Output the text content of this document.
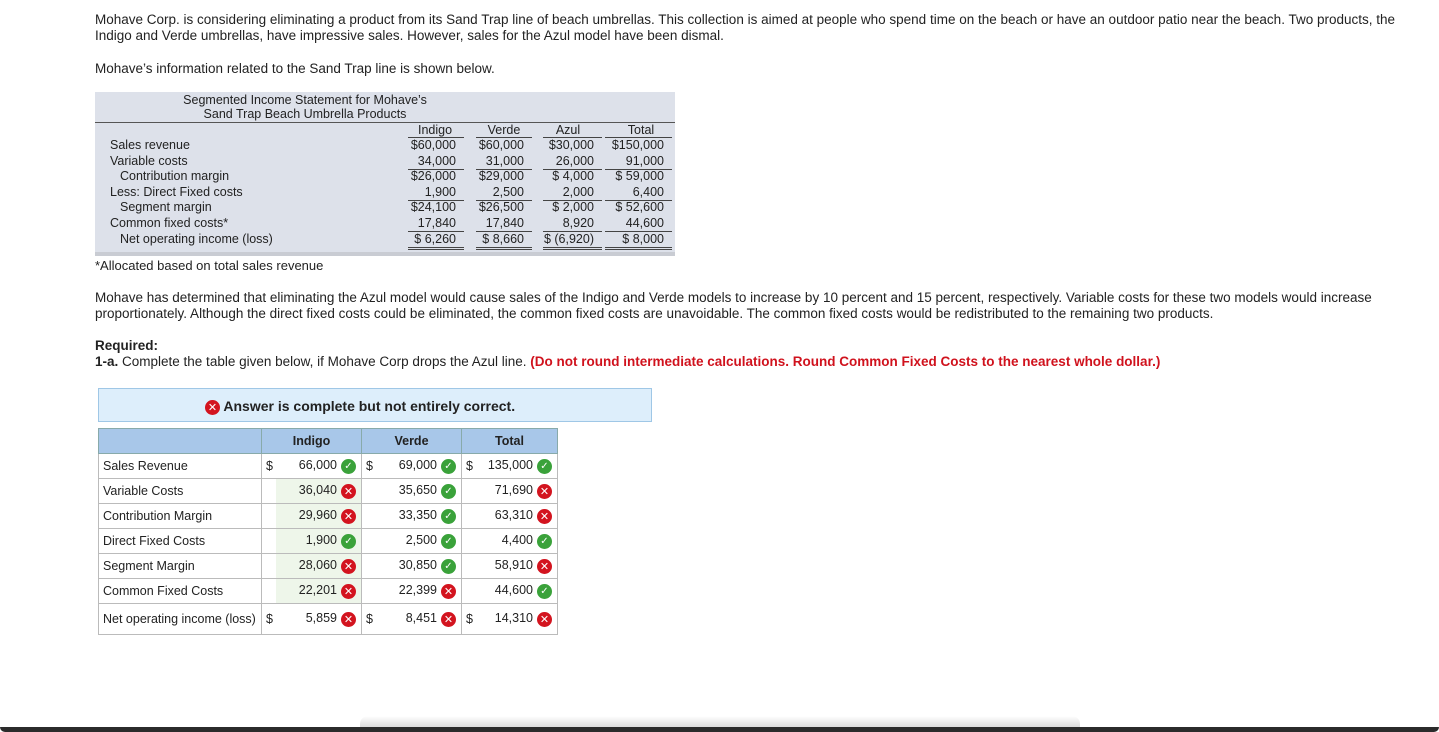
Mohave Corp. is considering eliminating a product from its Sand Trap line of beach umbrellas. This collection is aimed at people who spend time on the beach or have an outdoor patio near the beach. Two products, the Indigo and Verde umbrellas, have impressive sales. However, sales for the Azul model have been dismal.
Mohave’s information related to the Sand Trap line is shown below.
Segmented Income Statement for Mohave’s
Sand Trap Beach Umbrella Products
Indigo	Verde	Azul	Total
Sales revenue	$60,000	$60,000	$30,000	$150,000
Variable costs	34,000	31,000	26,000	91,000
Contribution margin	$26,000	$29,000	$ 4,000	$ 59,000
Less: Direct Fixed costs	1,900	2,500	2,000	6,400
Segment margin	$24,100	$26,500	$ 2,000	$ 52,600
Common fixed costs*	17,840	17,840	8,920	44,600
Net operating income (loss)	$ 6,260	$ 8,660	$ (6,920)	$ 8,000
*Allocated based on total sales revenue
Mohave has determined that eliminating the Azul model would cause sales of the Indigo and Verde models to increase by 10 percent and 15 percent, respectively. Variable costs for these two models would increase proportionately. Although the direct fixed costs could be eliminated, the common fixed costs are unavoidable. The common fixed costs would be redistributed to the remaining two products.
Required:
1-a. Complete the table given below, if Mohave Corp drops the Azul line. (Do not round intermediate calculations. Round Common Fixed Costs to the nearest whole dollar.)
✕ Answer is complete but not entirely correct.
	Indigo		Verde		Total	
Sales Revenue	$	66,000 ✓	$	69,000 ✓	$	135,000 ✓
Variable Costs		36,040 ✕		35,650 ✓		71,690 ✕
Contribution Margin		29,960 ✕		33,350 ✓		63,310 ✕
Direct Fixed Costs		1,900 ✓		2,500 ✓		4,400 ✓
Segment Margin		28,060 ✕		30,850 ✓		58,910 ✕
Common Fixed Costs		22,201 ✕		22,399 ✕		44,600 ✓
Net operating income (loss)	$	5,859 ✕	$	8,451 ✕	$	14,310 ✕
